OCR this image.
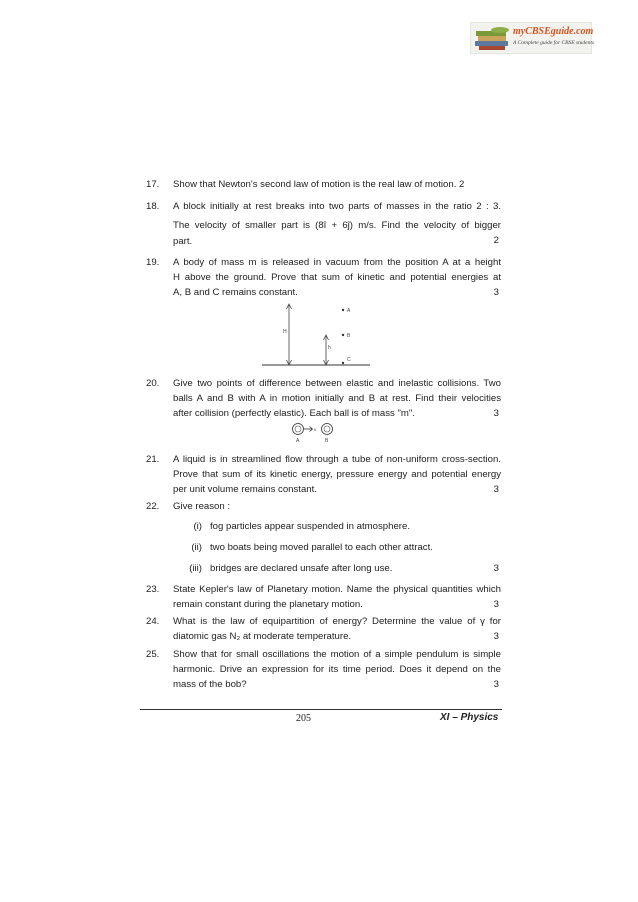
myCBSEguide.com
A Complete guide for CBSE students
17.	Show that Newton's second law of motion is the real law of motion. 2
18.	A block initially at rest breaks into two parts of masses in the ratio 2 : 3.
The velocity of smaller part is (8î + 6ĵ) m/s. Find the velocity of bigger
part.	2
19.	A body of mass m is released in vacuum from the position A at a height
H above the ground. Prove that sum of kinetic and potential energies at
A, B and C remains constant.	3
H
h
A
B
C
20.	Give two points of difference between elastic and inelastic collisions. Two
balls A and B with A in motion initially and B at rest. Find their velocities
after collision (perfectly elastic). Each ball is of mass "m".	3
v
A	B
21.	A liquid is in streamlined flow through a tube of non-uniform cross-section.
Prove that sum of its kinetic energy, pressure energy and potential energy
per unit volume remains constant.	3
22.	Give reason :
(i) fog particles appear suspended in atmosphere.
(ii) two boats being moved parallel to each other attract.
(iii) bridges are declared unsafe after long use.	3
23.	State Kepler's law of Planetary motion. Name the physical quantities which
remain constant during the planetary motion.	3
24.	What is the law of equipartition of energy? Determine the value of γ for
diatomic gas N₂ at moderate temperature.	3
25.	Show that for small oscillations the motion of a simple pendulum is simple
harmonic. Drive an expression for its time period. Does it depend on the
mass of the bob?	3
205	XI – Physics
